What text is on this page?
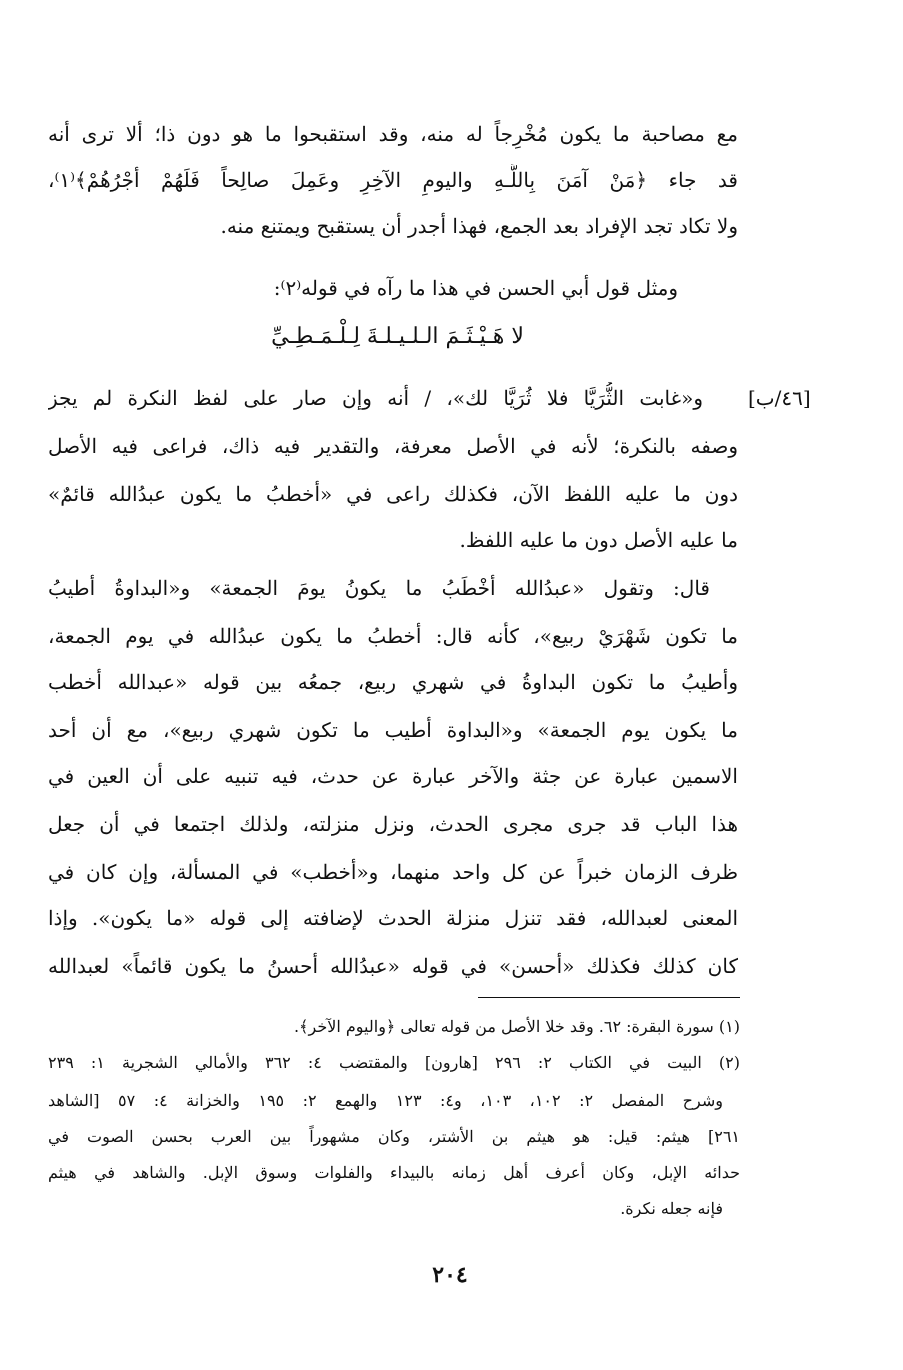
مع مصاحبة ما يكون مُخْرِجاً له منه، وقد استقبحوا ما هو دون ذا؛ ألا ترى أنه
قد جاء ﴿مَنْ آمَنَ بِاللَّـهِ واليومِ الآخِرِ وعَمِلَ صالِحاً فَلَهُمْ أجْرُهُمْ﴾⁽١⁾،
ولا تكاد تجد الإفراد بعد الجمع، فهذا أجدر أن يستقبح ويمتنع منه.
ومثل قول أبي الحسن في هذا ما رآه في قوله⁽٢⁾:
لا هَـيْـثَـمَ الـلـيـلـةَ لِـلْـمَـطِـيِّ
[٤٦/ب]
و«غابت الثُّرَيَّا فلا ثُرَيَّا لك»، / أنه وإن صار على لفظ النكرة لم يجز
وصفه بالنكرة؛ لأنه في الأصل معرفة، والتقدير فيه ذاك، فراعى فيه الأصل
دون ما عليه اللفظ الآن، فكذلك راعى في «أخطبُ ما يكون عبدُالله قائمٌ»
ما عليه الأصل دون ما عليه اللفظ.
قال: وتقول «عبدُالله أخْطَبُ ما يكونُ يومَ الجمعة» و«البداوةُ أطيبُ
ما تكون شَهْرَيْ ربيع»، كأنه قال: أخطبُ ما يكون عبدُالله في يوم الجمعة،
وأطيبُ ما تكون البداوةُ في شهري ربيع، جمعُه بين قوله «عبدالله أخطب
ما يكون يوم الجمعة» و«البداوة أطيب ما تكون شهري ربيع»، مع أن أحد
الاسمين عبارة عن جثة والآخر عبارة عن حدث، فيه تنبيه على أن العين في
هذا الباب قد جرى مجرى الحدث، ونزل منزلته، ولذلك اجتمعا في أن جعل
ظرف الزمان خبراً عن كل واحد منهما، و«أخطب» في المسألة، وإن كان في
المعنى لعبدالله، فقد تنزل منزلة الحدث لإضافته إلى قوله «ما يكون». وإذا
كان كذلك فكذلك «أحسن» في قوله «عبدُالله أحسنُ ما يكون قائماً» لعبدالله
(١) سورة البقرة: ٦٢. وقد خلا الأصل من قوله تعالى ﴿واليوم الآخر﴾.
(٢) البيت في الكتاب ٢: ٢٩٦ [هارون] والمقتضب ٤: ٣٦٢ والأمالي الشجرية ١: ٢٣٩
وشرح المفصل ٢: ١٠٢، ١٠٣، و٤: ١٢٣ والهمع ٢: ١٩٥ والخزانة ٤: ٥٧ [الشاهد
٢٦١] هيثم: قيل: هو هيثم بن الأشتر، وكان مشهوراً بين العرب بحسن الصوت في
حدائه الإبل، وكان أعرف أهل زمانه بالبيداء والفلوات وسوق الإبل. والشاهد في هيثم
فإنه جعله نكرة.
٢٠٤
